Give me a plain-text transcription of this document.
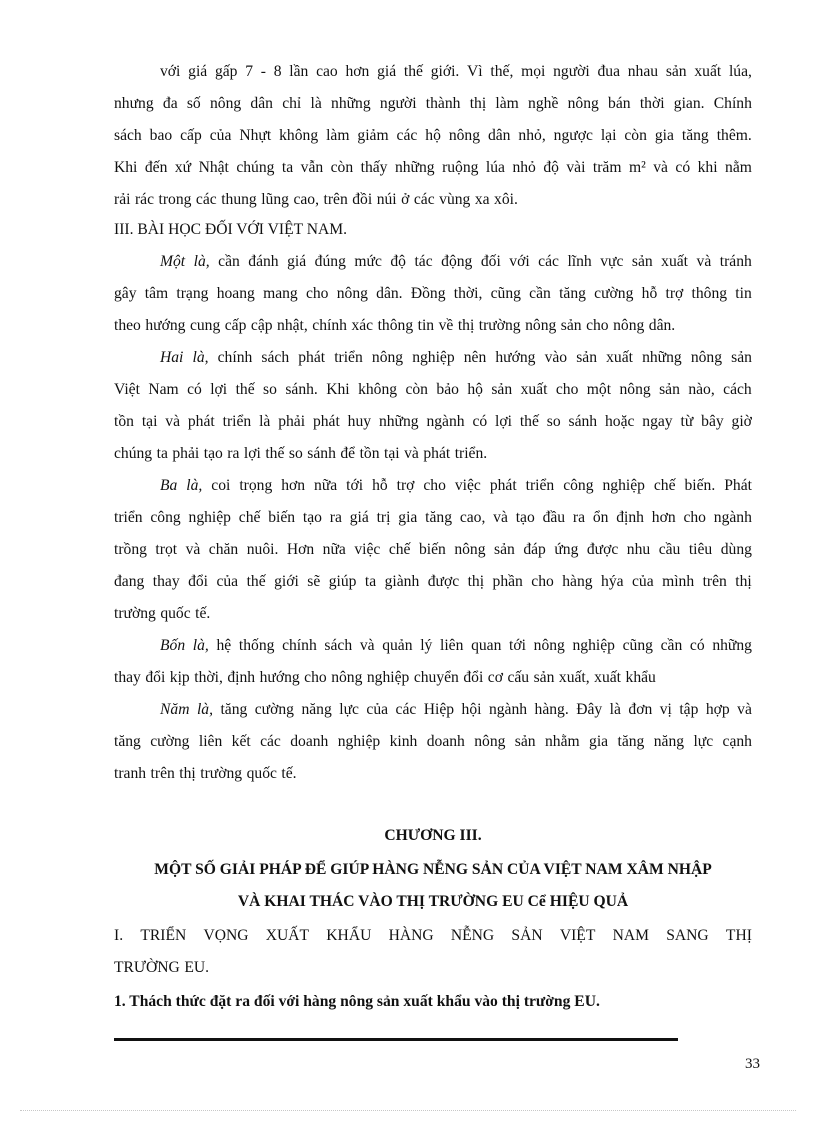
với giá gấp 7 - 8 lần cao hơn giá thế giới. Vì thế, mọi người đua nhau sản xuất lúa,
nhưng đa số nông dân chỉ là những người thành thị làm nghề nông bán thời gian. Chính
sách bao cấp của Nhựt không làm giảm các hộ nông dân nhỏ, ngược lại còn gia tăng thêm.
Khi đến xứ Nhật chúng ta vẫn còn thấy những ruộng lúa nhỏ độ vài trăm m² và có khi nằm
rải rác trong các thung lũng cao, trên đồi núi ở các vùng xa xôi.
III. BÀI HỌC ĐỐI VỚI VIỆT NAM.
Một là, cần đánh giá đúng mức độ tác động đối với các lĩnh vực sản xuất và tránh
gây tâm trạng hoang mang cho nông dân. Đồng thời, cũng cần tăng cường hỗ trợ thông tin
theo hướng cung cấp cập nhật, chính xác thông tin về thị trường nông sản cho nông dân.
Hai là, chính sách phát triển nông nghiệp nên hướng vào sản xuất những nông sản
Việt Nam có lợi thế so sánh. Khi không còn bảo hộ sản xuất cho một nông sản nào, cách
tồn tại và phát triển là phải phát huy những ngành có lợi thế so sánh hoặc ngay từ bây giờ
chúng ta phải tạo ra lợi thế so sánh để tồn tại và phát triển.
Ba là, coi trọng hơn nữa tới hỗ trợ cho việc phát triển công nghiệp chế biến. Phát
triển công nghiệp chế biến tạo ra giá trị gia tăng cao, và tạo đầu ra ổn định hơn cho ngành
trồng trọt và chăn nuôi. Hơn nữa việc chế biến nông sản đáp ứng được nhu cầu tiêu dùng
đang thay đổi của thế giới sẽ giúp ta giành được thị phần cho hàng hýa của mình trên thị
trường quốc tế.
Bốn là, hệ thống chính sách và quản lý liên quan tới nông nghiệp cũng cần có những
thay đổi kịp thời, định hướng cho nông nghiệp chuyển đổi cơ cấu sản xuất, xuất khẩu
Năm là, tăng cường năng lực của các Hiệp hội ngành hàng. Đây là đơn vị tập hợp và
tăng cường liên kết các doanh nghiệp kinh doanh nông sản nhằm gia tăng năng lực cạnh
tranh trên thị trường quốc tế.
CHƯƠNG III.
MỘT SỐ GIẢI PHÁP ĐỂ GIÚP HÀNG NỄNG SẢN CỦA VIỆT NAM XÂM NHẬP
VÀ KHAI THÁC VÀO THỊ TRƯỜNG EU Cể HIỆU QUẢ
I. TRIỂN VỌNG XUẤT KHẨU HÀNG NỄNG SẢN VIỆT NAM SANG THỊ
TRƯỜNG EU.
1. Thách thức đặt ra đối với hàng nông sản xuất khẩu vào thị trường EU.
33
